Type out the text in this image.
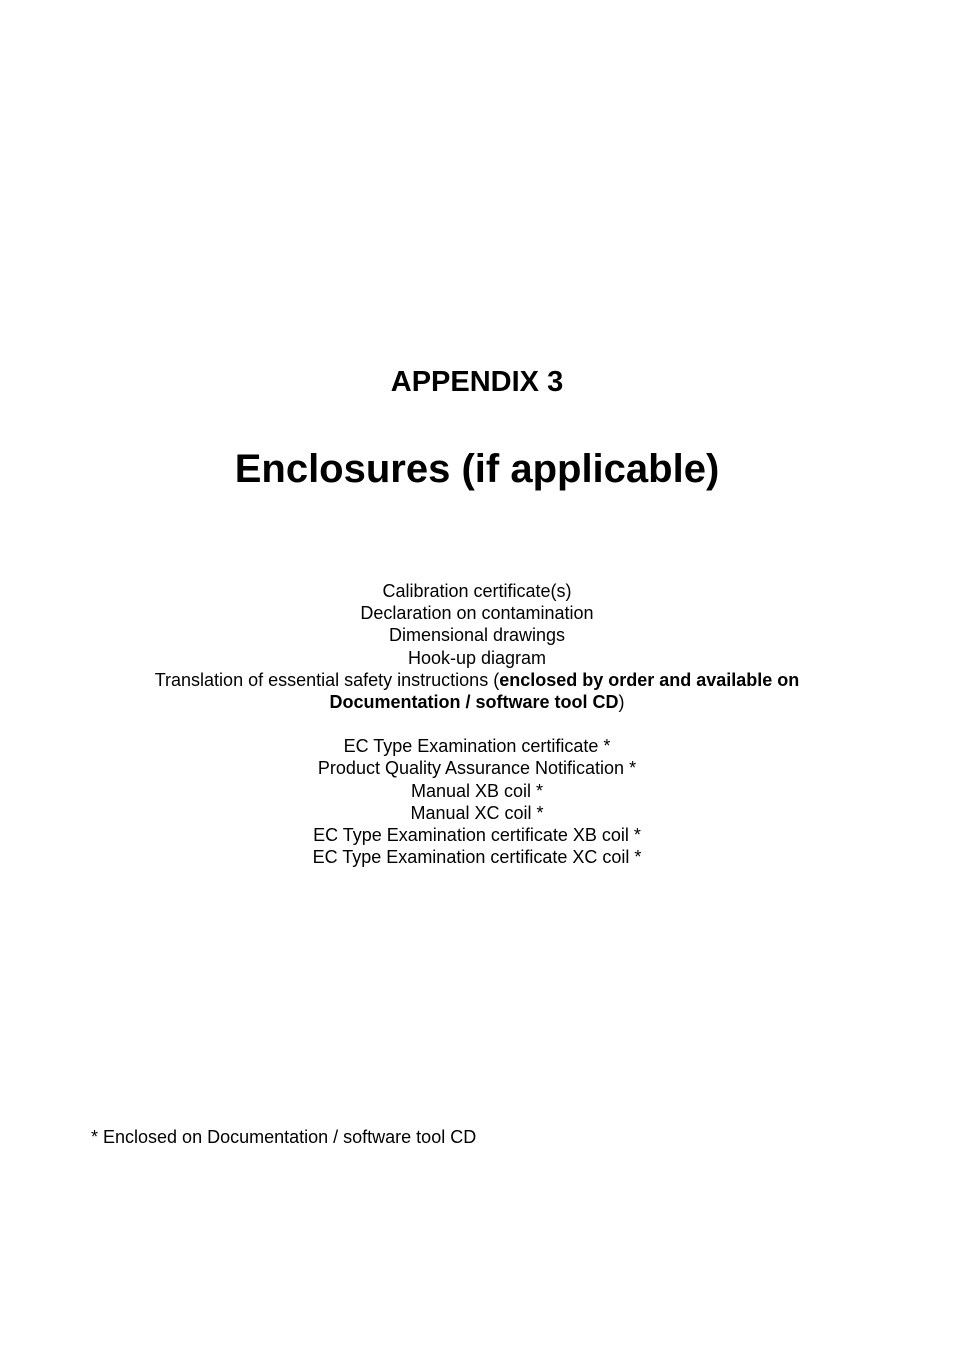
APPENDIX 3
Enclosures (if applicable)
Calibration certificate(s)
Declaration on contamination
Dimensional drawings
Hook-up diagram
Translation of essential safety instructions (enclosed by order and available on Documentation / software tool CD)
EC Type Examination certificate *
Product Quality Assurance Notification *
Manual XB coil *
Manual XC coil *
EC Type Examination certificate XB coil *
EC Type Examination certificate XC coil *
* Enclosed on Documentation / software tool CD
